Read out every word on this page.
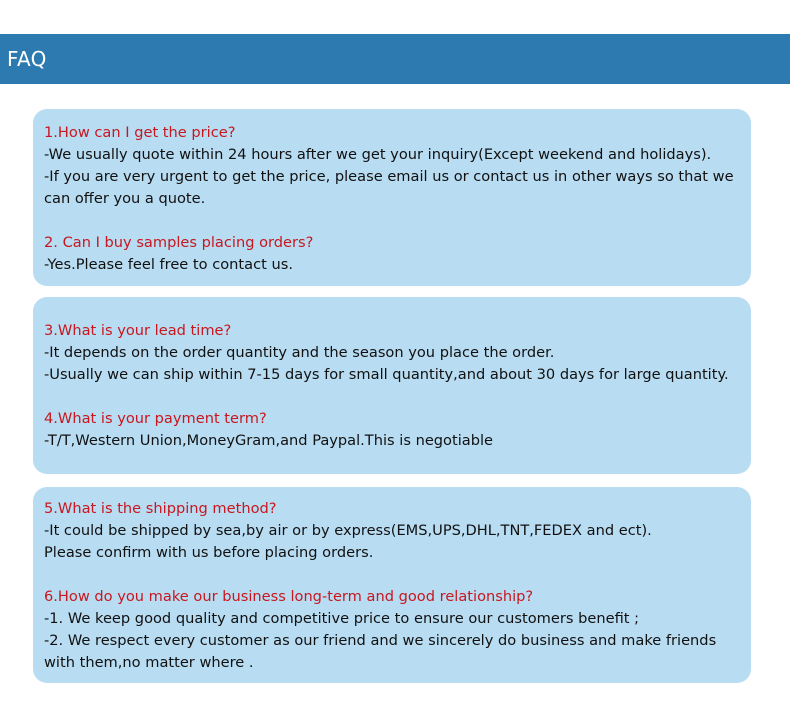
FAQ

1.How can I get the price?

-We usually quote within 24 hours after we get your inquiry(Except weekend and holidays).

-If you are very urgent to get the price, please email us or contact us in other ways so that we can offer you a quote.

2. Can I buy samples placing orders?

-Yes.Please feel free to contact us.

3.What is your lead time?

-It depends on the order quantity and the season you place the order.

-Usually we can ship within 7-15 days for small quantity,and about 30 days for large quantity.

4.What is your payment term?

-T/T,Western Union,MoneyGram,and Paypal.This is negotiable

5.What is the shipping method?

-It could be shipped by sea,by air or by express(EMS,UPS,DHL,TNT,FEDEX and ect).

Please confirm with us before placing orders.

6.How do you make our business long-term and good relationship?

-1. We keep good quality and competitive price to ensure our customers benefit ;

-2. We respect every customer as our friend and we sincerely do business and make friends with them,no matter where .
